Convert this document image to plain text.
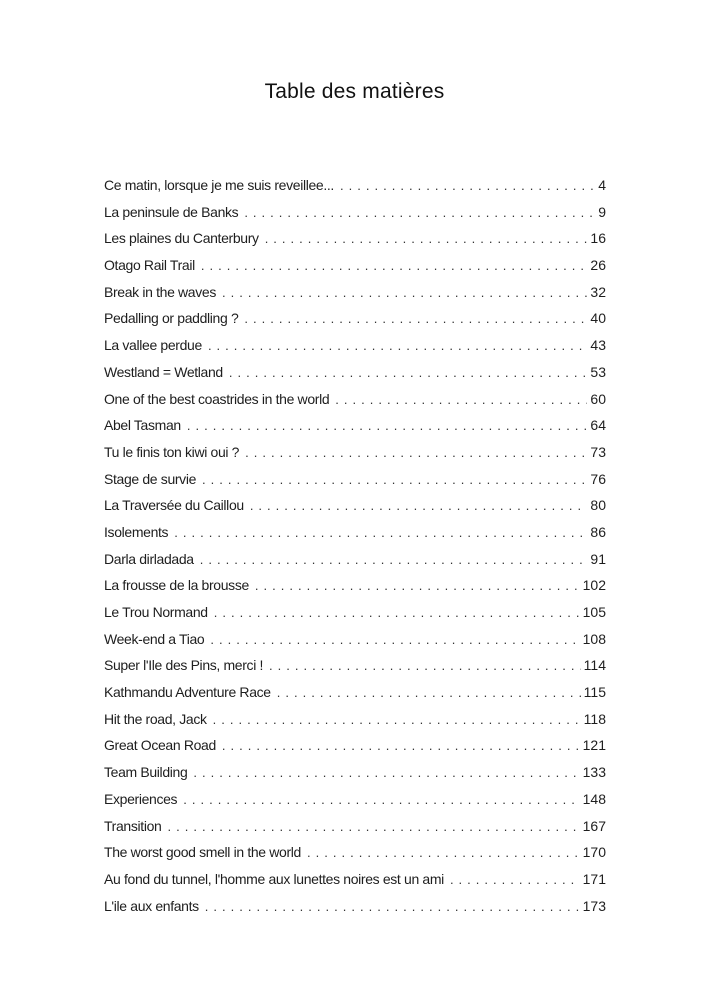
Table des matières
Ce matin, lorsque je me suis reveillee... . . .	4
La peninsule de Banks . . .	9
Les plaines du Canterbury . . .	16
Otago Rail Trail . . .	26
Break in the waves . . .	32
Pedalling or paddling ? . . .	40
La vallee perdue . . .	43
Westland = Wetland . . .	53
One of the best coastrides in the world . . .	60
Abel Tasman . . .	64
Tu le finis ton kiwi oui ? . . .	73
Stage de survie . . .	76
La Traversée du Caillou . . .	80
Isolements . . .	86
Darla dirladada . . .	91
La frousse de la brousse . . .	102
Le Trou Normand . . .	105
Week-end a Tiao . . .	108
Super l'Ile des Pins, merci ! . . .	114
Kathmandu Adventure Race . . .	115
Hit the road, Jack . . .	118
Great Ocean Road . . .	121
Team Building . . .	133
Experiences . . .	148
Transition . . .	167
The worst good smell in the world . . .	170
Au fond du tunnel, l'homme aux lunettes noires est un ami . . .	171
L'ile aux enfants . . .	173
